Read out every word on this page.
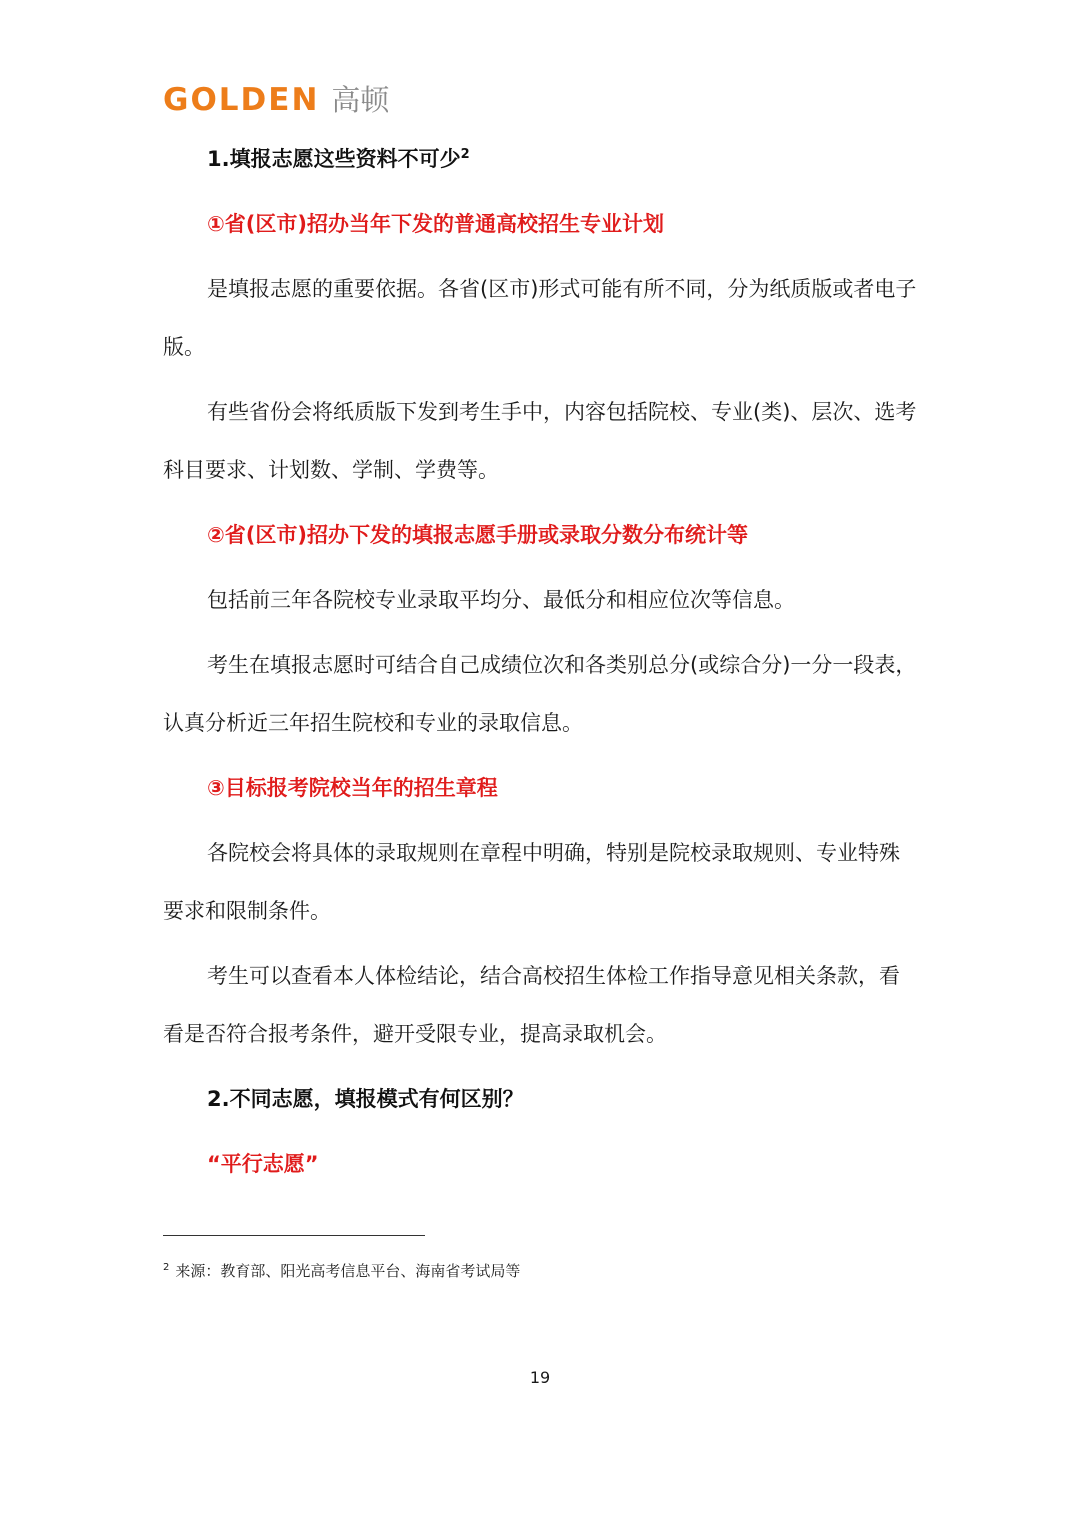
GOLDEN 高顿
1.填报志愿这些资料不可少$^2$
①省(区市)招办当年下发的普通高校招生专业计划

是填报志愿的重要依据。各省(区市)形式可能有所不同，分为纸质版或者电子版。

有些省份会将纸质版下发到考生手中，内容包括院校、专业(类)、层次、选考科目要求、计划数、学制、学费等。

②省(区市)招办下发的填报志愿手册或录取分数分布统计等

包括前三年各院校专业录取平均分、最低分和相应位次等信息。

考生在填报志愿时可结合自己成绩位次和各类别总分(或综合分)一分一段表，认真分析近三年招生院校和专业的录取信息。

③目标报考院校当年的招生章程

各院校会将具体的录取规则在章程中明确，特别是院校录取规则、专业特殊要求和限制条件。

考生可以查看本人体检结论，结合高校招生体检工作指导意见相关条款，看看是否符合报考条件，避开受限专业，提高录取机会。

2.不同志愿，填报模式有何区别？
“平行志愿”
$^2$ 来源：教育部、阳光高考信息平台、海南省考试局等
19
